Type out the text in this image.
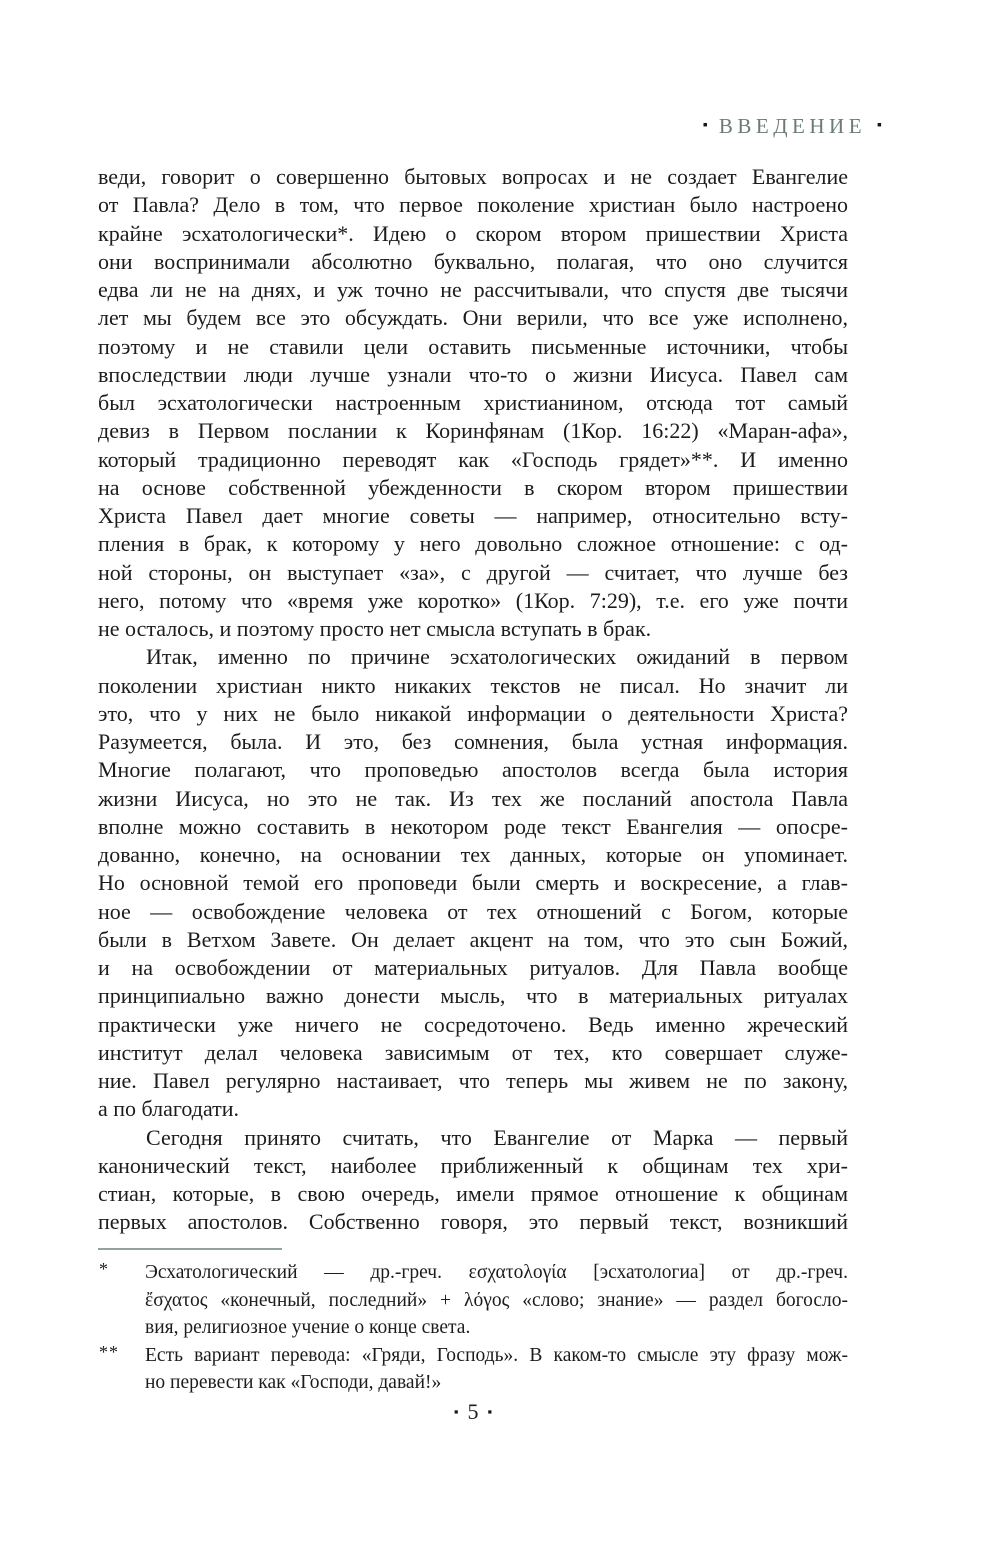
▪ ВВЕДЕНИЕ ▪
веди, говорит о совершенно бытовых вопросах и не создает Евангелие
от Павла? Дело в том, что первое поколение христиан было настроено
крайне эсхатологически*. Идею о скором втором пришествии Христа
они воспринимали абсолютно буквально, полагая, что оно случится
едва ли не на днях, и уж точно не рассчитывали, что спустя две тысячи
лет мы будем все это обсуждать. Они верили, что все уже исполнено,
поэтому и не ставили цели оставить письменные источники, чтобы
впоследствии люди лучше узнали что-то о жизни Иисуса. Павел сам
был эсхатологически настроенным христианином, отсюда тот самый
девиз в Первом послании к Коринфянам (1Кор. 16:22) «Маран-афа»,
который традиционно переводят как «Господь грядет»**. И именно
на основе собственной убежденности в скором втором пришествии
Христа Павел дает многие советы — например, относительно всту-
пления в брак, к которому у него довольно сложное отношение: с од-
ной стороны, он выступает «за», с другой — считает, что лучше без
него, потому что «время уже коротко» (1Кор. 7:29), т.е. его уже почти
не осталось, и поэтому просто нет смысла вступать в брак.
Итак, именно по причине эсхатологических ожиданий в первом
поколении христиан никто никаких текстов не писал. Но значит ли
это, что у них не было никакой информации о деятельности Христа?
Разумеется, была. И это, без сомнения, была устная информация.
Многие полагают, что проповедью апостолов всегда была история
жизни Иисуса, но это не так. Из тех же посланий апостола Павла
вполне можно составить в некотором роде текст Евангелия — опосре-
дованно, конечно, на основании тех данных, которые он упоминает.
Но основной темой его проповеди были смерть и воскресение, а глав-
ное — освобождение человека от тех отношений с Богом, которые
были в Ветхом Завете. Он делает акцент на том, что это сын Божий,
и на освобождении от материальных ритуалов. Для Павла вообще
принципиально важно донести мысль, что в материальных ритуалах
практически уже ничего не сосредоточено. Ведь именно жреческий
институт делал человека зависимым от тех, кто совершает служе-
ние. Павел регулярно настаивает, что теперь мы живем не по закону,
а по благодати.
Сегодня принято считать, что Евангелие от Марка — первый
канонический текст, наиболее приближенный к общинам тех хри-
стиан, которые, в свою очередь, имели прямое отношение к общинам
первых апостолов. Собственно говоря, это первый текст, возникший
* Эсхатологический — др.-греч. εσχατολογία [эсхатологиа] от др.-греч.
ἔσχατος «конечный, последний» + λόγος «слово; знание» — раздел богосло-
вия, религиозное учение о конце света.
** Есть вариант перевода: «Гряди, Господь». В каком-то смысле эту фразу мож-
но перевести как «Господи, давай!»
▪ 5 ▪
